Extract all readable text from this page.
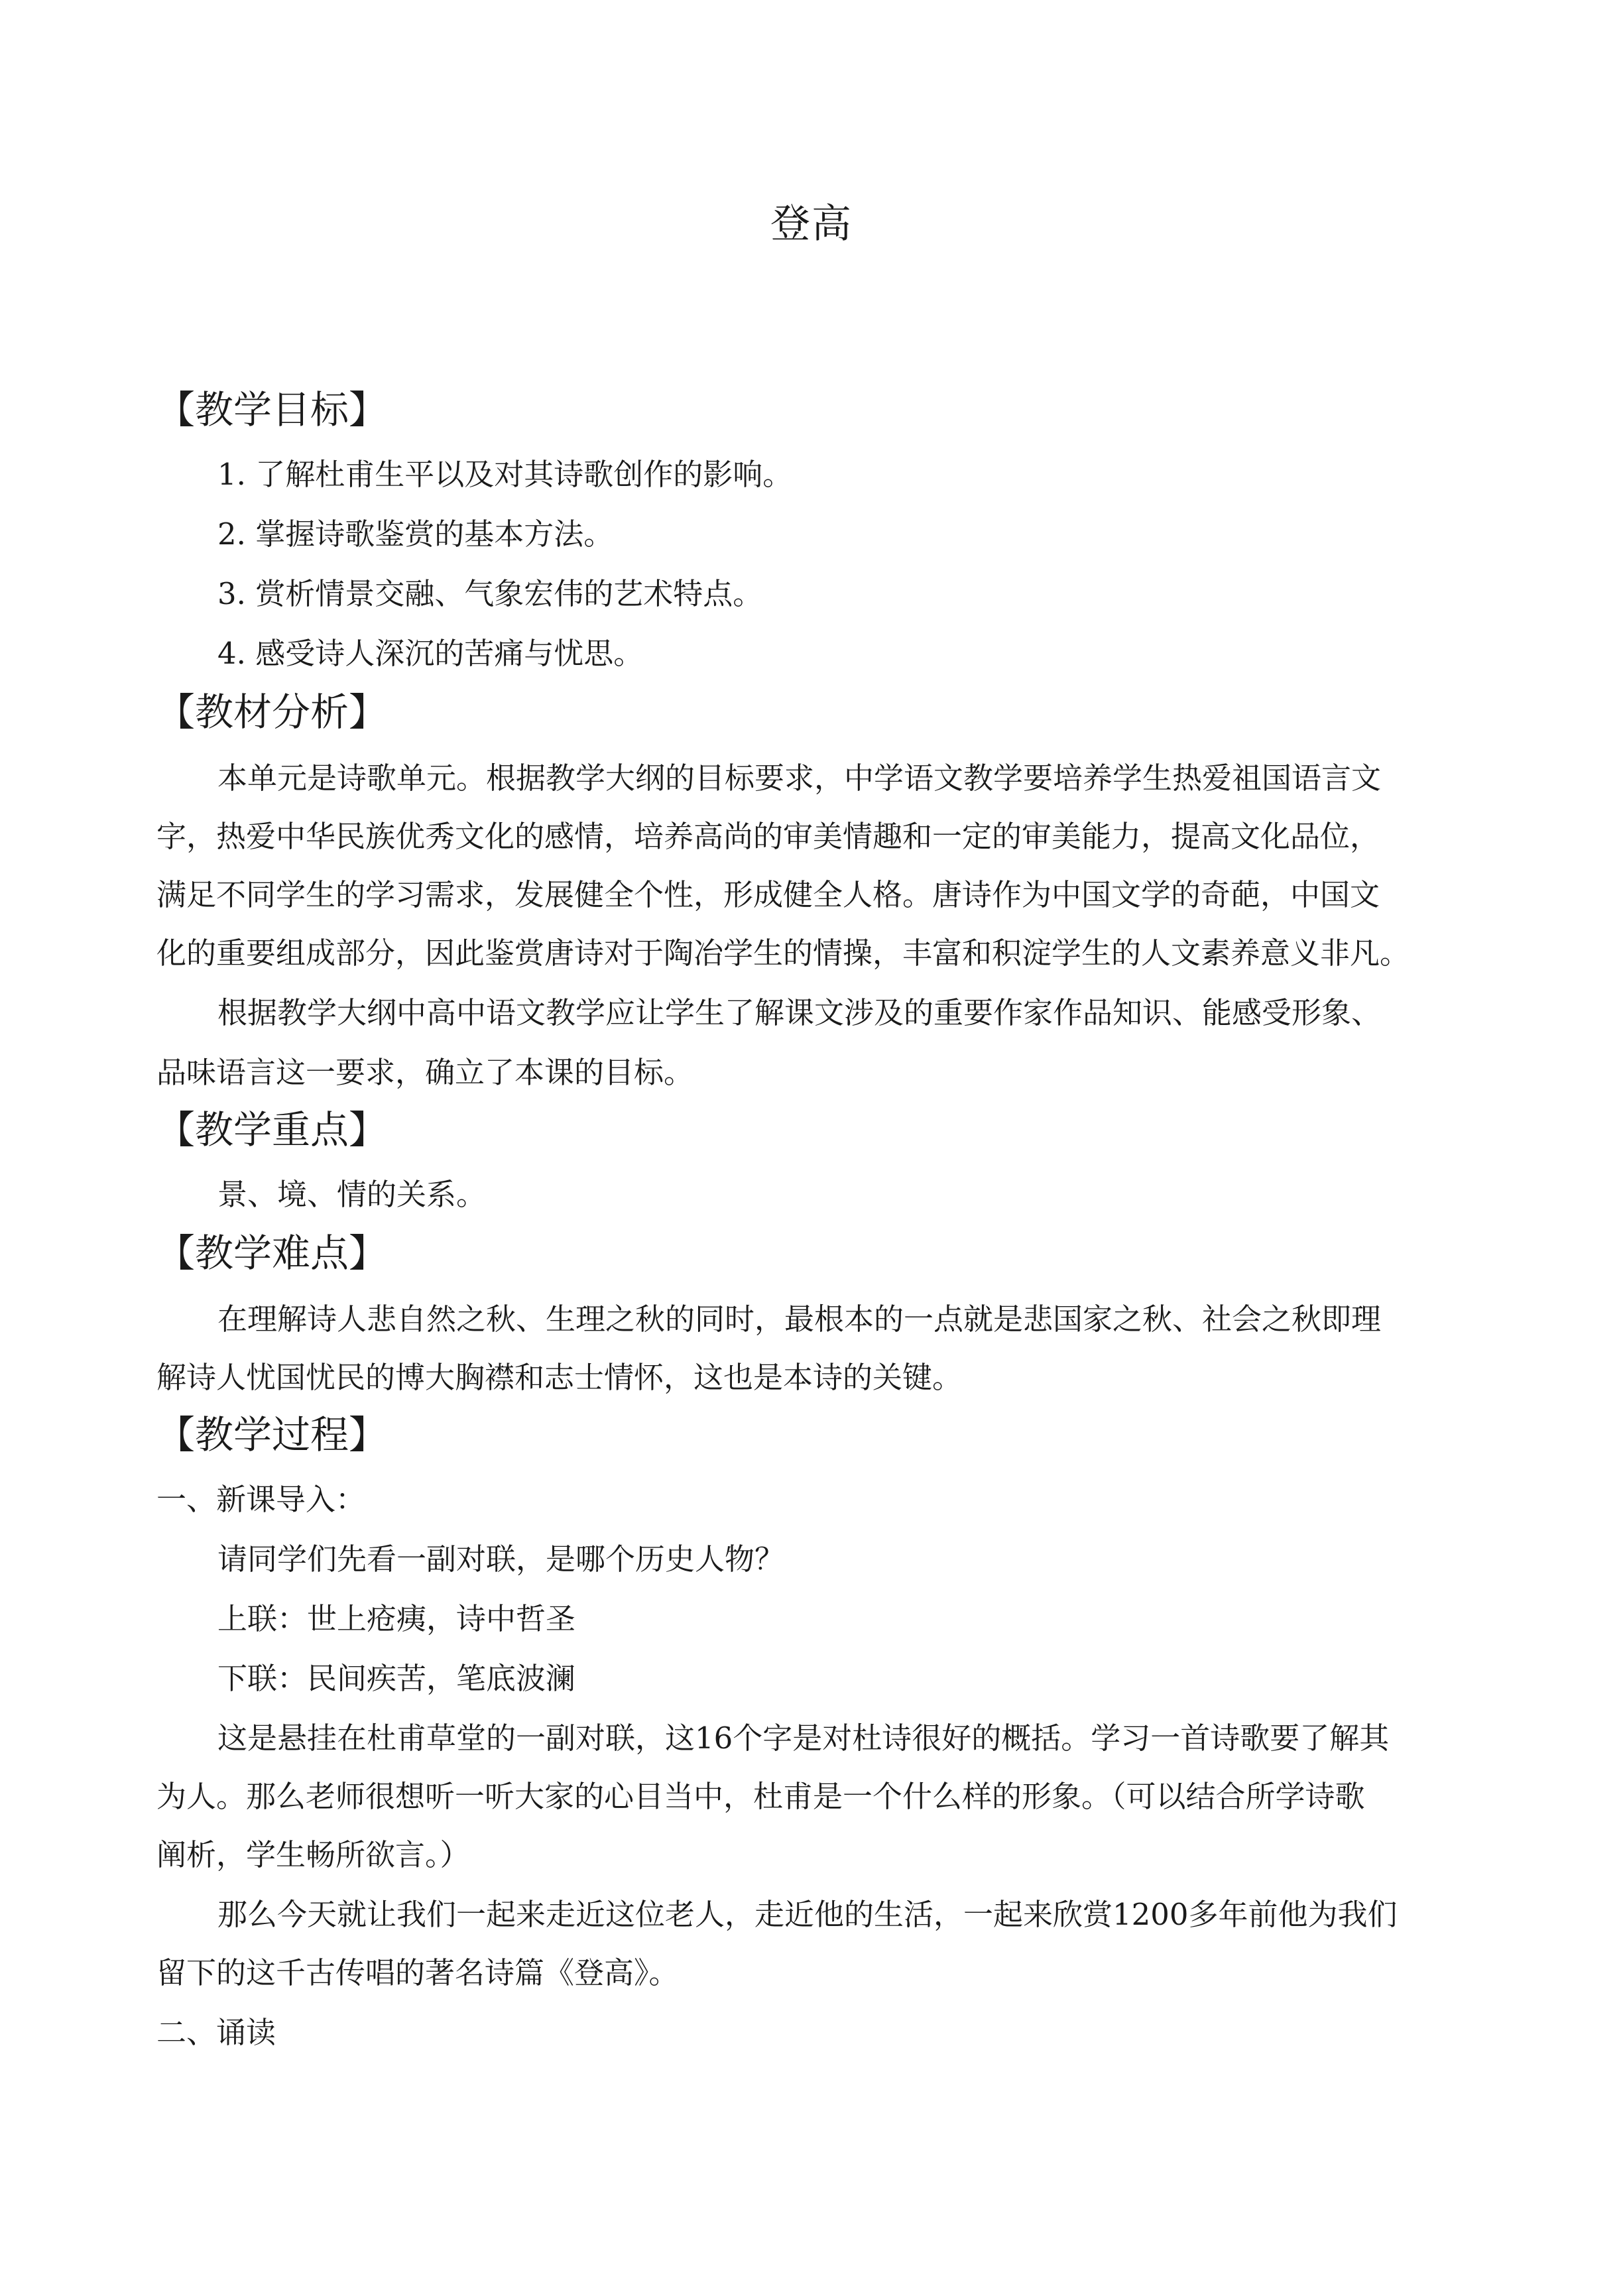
登高
【教学目标】
1. 了解杜甫生平以及对其诗歌创作的影响。
2. 掌握诗歌鉴赏的基本方法。
3. 赏析情景交融、气象宏伟的艺术特点。
4. 感受诗人深沉的苦痛与忧思。
【教材分析】
本单元是诗歌单元。根据教学大纲的目标要求，中学语文教学要培养学生热爱祖国语言文
字，热爱中华民族优秀文化的感情，培养高尚的审美情趣和一定的审美能力，提高文化品位，
满足不同学生的学习需求，发展健全个性，形成健全人格。唐诗作为中国文学的奇葩，中国文
化的重要组成部分，因此鉴赏唐诗对于陶冶学生的情操，丰富和积淀学生的人文素养意义非凡。
根据教学大纲中高中语文教学应让学生了解课文涉及的重要作家作品知识、能感受形象、
品味语言这一要求，确立了本课的目标。
【教学重点】
景、境、情的关系。
【教学难点】
在理解诗人悲自然之秋、生理之秋的同时，最根本的一点就是悲国家之秋、社会之秋即理
解诗人忧国忧民的博大胸襟和志士情怀，这也是本诗的关键。
【教学过程】
一、新课导入：
请同学们先看一副对联，是哪个历史人物？
上联：世上疮痍，诗中哲圣
下联：民间疾苦，笔底波澜
这是悬挂在杜甫草堂的一副对联，这16个字是对杜诗很好的概括。学习一首诗歌要了解其
为人。那么老师很想听一听大家的心目当中，杜甫是一个什么样的形象。（可以结合所学诗歌
阐析，学生畅所欲言。）
那么今天就让我们一起来走近这位老人，走近他的生活，一起来欣赏1200多年前他为我们
留下的这千古传唱的著名诗篇《登高》。
二、诵读
